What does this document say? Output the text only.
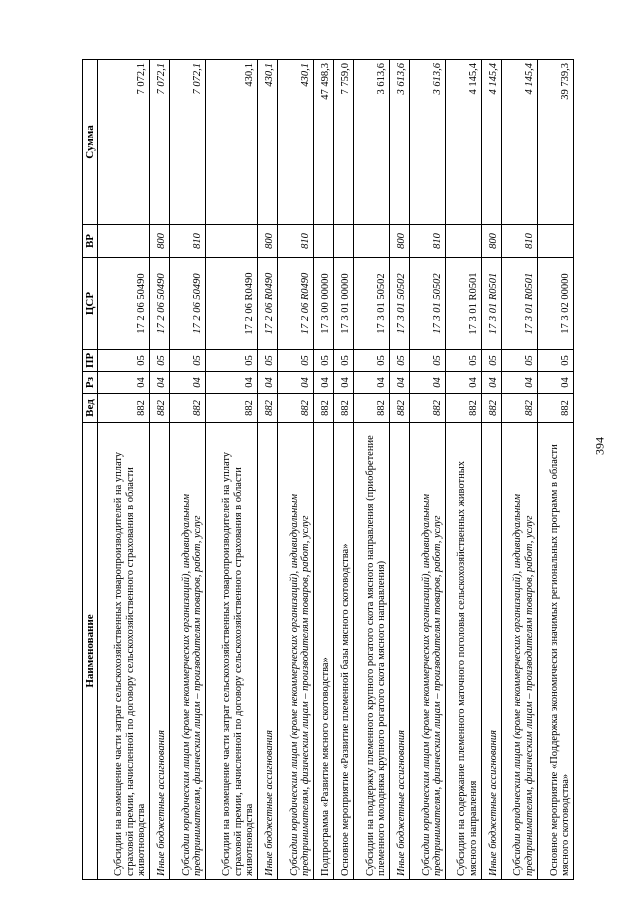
394
Наименование	Вед	Рз	ПР	ЦСР	ВР	Сумма
Субсидии на возмещение части затрат сельскохозяйственных товаропроизводителей на уплату страховой премии, начисленной по договору сельскохозяйственного страхования в области животноводства	882	04	05	17 2 06 50490		7 072,1
Иные бюджетные ассигнования	882	04	05	17 2 06 50490	800	7 072,1
Субсидии юридическим лицам (кроме некоммерческих организаций), индивидуальным предпринимателям, физическим лицам – производителям товаров, работ, услуг	882	04	05	17 2 06 50490	810	7 072,1
Субсидии на возмещение части затрат сельскохозяйственных товаропроизводителей на уплату страховой премии, начисленной по договору сельскохозяйственного страхования в области животноводства	882	04	05	17 2 06 R0490		430,1
Иные бюджетные ассигнования	882	04	05	17 2 06 R0490	800	430,1
Субсидии юридическим лицам (кроме некоммерческих организаций), индивидуальным предпринимателям, физическим лицам – производителям товаров, работ, услуг	882	04	05	17 2 06 R0490	810	430,1
Подпрограмма «Развитие мясного скотоводства»	882	04	05	17 3 00 00000		47 498,3
Основное мероприятие «Развитие племенной базы мясного скотоводства»	882	04	05	17 3 01 00000		7 759,0
Субсидии на поддержку племенного крупного рогатого скота мясного направления (приобретение племенного молодняка крупного рогатого скота мясного направления)	882	04	05	17 3 01 50502		3 613,6
Иные бюджетные ассигнования	882	04	05	17 3 01 50502	800	3 613,6
Субсидии юридическим лицам (кроме некоммерческих организаций), индивидуальным предпринимателям, физическим лицам – производителям товаров, работ, услуг	882	04	05	17 3 01 50502	810	3 613,6
Субсидии на содержание племенного маточного поголовья сельскохозяйственных животных мясного направления	882	04	05	17 3 01 R0501		4 145,4
Иные бюджетные ассигнования	882	04	05	17 3 01 R0501	800	4 145,4
Субсидии юридическим лицам (кроме некоммерческих организаций), индивидуальным предпринимателям, физическим лицам – производителям товаров, работ, услуг	882	04	05	17 3 01 R0501	810	4 145,4
Основное мероприятие «Поддержка экономически значимых региональных программ в области мясного скотоводства»	882	04	05	17 3 02 00000		39 739,3
